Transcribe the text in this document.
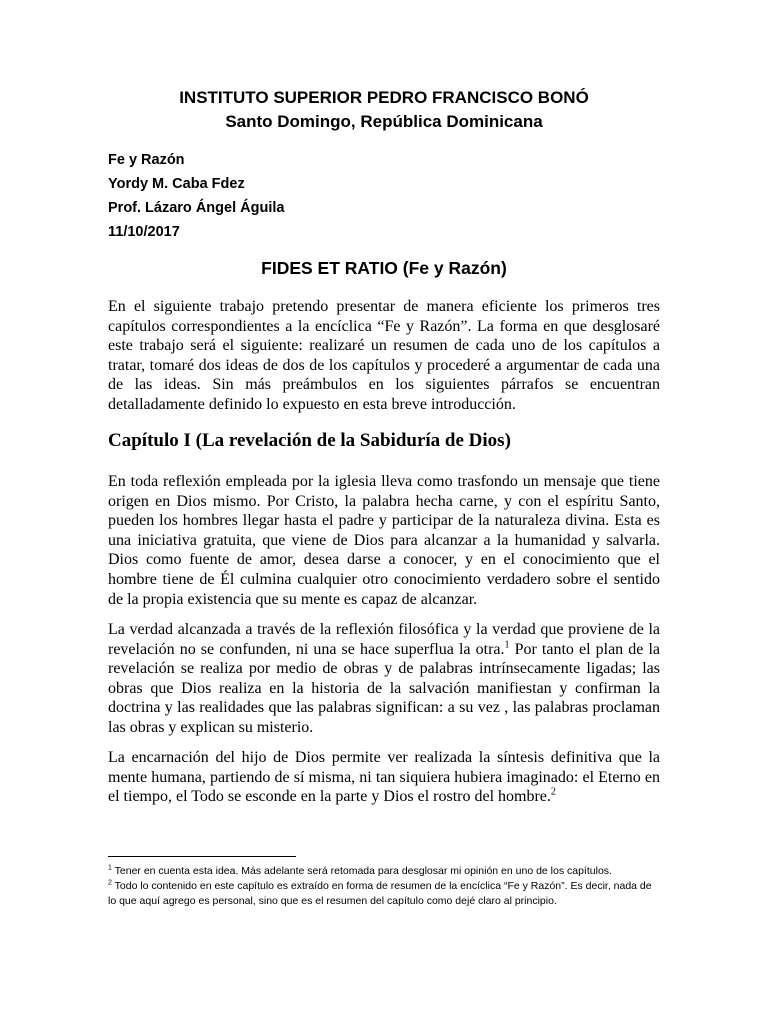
INSTITUTO SUPERIOR PEDRO FRANCISCO BONÓ
Santo Domingo, República Dominicana
Fe y Razón
Yordy M. Caba Fdez
Prof. Lázaro Ángel Águila
11/10/2017
FIDES ET RATIO (Fe y Razón)
En el siguiente trabajo pretendo presentar de manera eficiente los primeros tres capítulos correspondientes a la encíclica “Fe y Razón”. La forma en que desglosaré este trabajo será el siguiente: realizaré un resumen de cada uno de los capítulos a tratar, tomaré dos ideas de dos de los capítulos y procederé a argumentar de cada una de las ideas. Sin más preámbulos en los siguientes párrafos se encuentran detalladamente definido lo expuesto en esta breve introducción.
Capítulo I (La revelación de la Sabiduría de Dios)
En toda reflexión empleada por la iglesia lleva como trasfondo un mensaje que tiene origen en Dios mismo. Por Cristo, la palabra hecha carne, y con el espíritu Santo, pueden los hombres llegar hasta el padre y participar de la naturaleza divina. Esta es una iniciativa gratuita, que viene de Dios para alcanzar a la humanidad y salvarla. Dios como fuente de amor, desea darse a conocer, y en el conocimiento que el hombre tiene de Él culmina cualquier otro conocimiento verdadero sobre el sentido de la propia existencia que su mente es capaz de alcanzar.
La verdad alcanzada a través de la reflexión filosófica y la verdad que proviene de la revelación no se confunden, ni una se hace superflua la otra.$^1$ Por tanto el plan de la revelación se realiza por medio de obras y de palabras intrínsecamente ligadas; las obras que Dios realiza en la historia de la salvación manifiestan y confirman la doctrina y las realidades que las palabras significan: a su vez , las palabras proclaman las obras y explican su misterio.
La encarnación del hijo de Dios permite ver realizada la síntesis definitiva que la mente humana, partiendo de sí misma, ni tan siquiera hubiera imaginado: el Eterno en el tiempo, el Todo se esconde en la parte y Dios el rostro del hombre.$^2$

$^1$ Tener en cuenta esta idea. Más adelante será retomada para desglosar mi opinión en uno de los capítulos.

$^2$ Todo lo contenido en este capítulo es extraído en forma de resumen de la encíclica “Fe y Razón”. Es decir, nada de lo que aquí agrego es personal, sino que es el resumen del capítulo como dejé claro al principio.
